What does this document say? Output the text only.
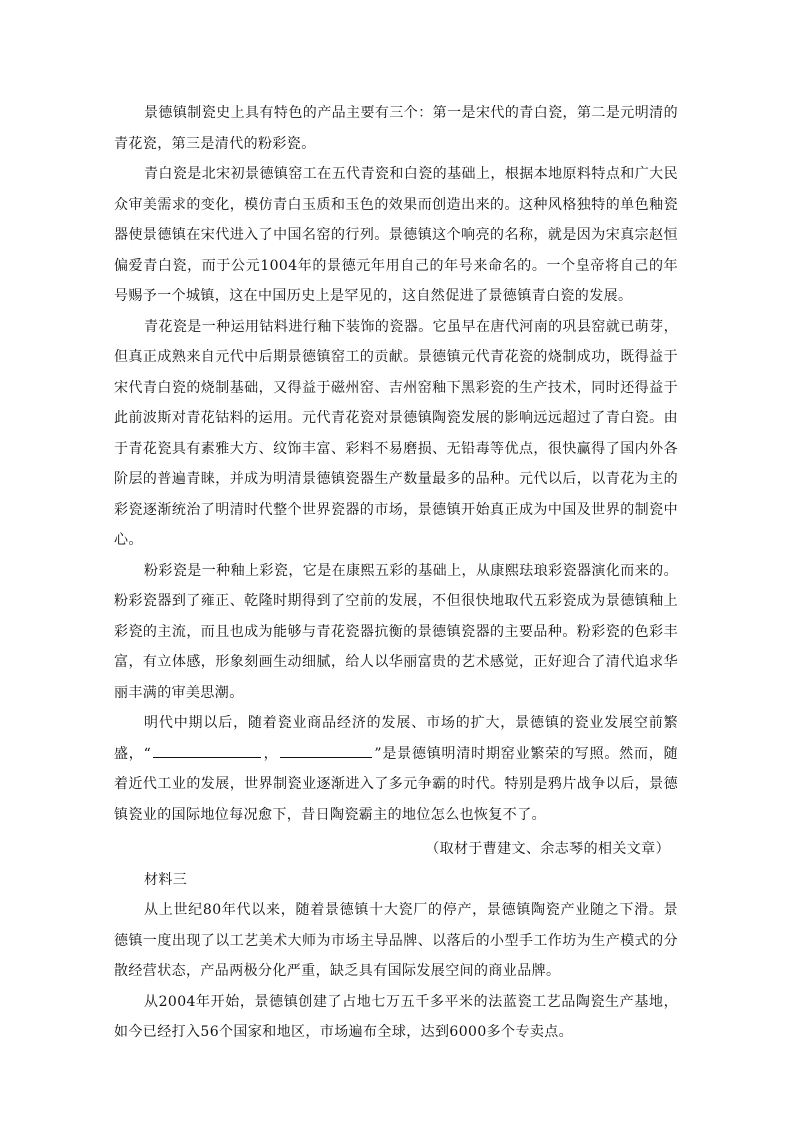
景德镇制瓷史上具有特色的产品主要有三个：第一是宋代的青白瓷，第二是元明清的青花瓷，第三是清代的粉彩瓷。

青白瓷是北宋初景德镇窑工在五代青瓷和白瓷的基础上，根据本地原料特点和广大民众审美需求的变化，模仿青白玉质和玉色的效果而创造出来的。这种风格独特的单色釉瓷器使景德镇在宋代进入了中国名窑的行列。景德镇这个响亮的名称，就是因为宋真宗赵恒偏爱青白瓷，而于公元1004年的景德元年用自己的年号来命名的。一个皇帝将自己的年号赐予一个城镇，这在中国历史上是罕见的，这自然促进了景德镇青白瓷的发展。

青花瓷是一种运用钴料进行釉下装饰的瓷器。它虽早在唐代河南的巩县窑就已萌芽，但真正成熟来自元代中后期景德镇窑工的贡献。景德镇元代青花瓷的烧制成功，既得益于宋代青白瓷的烧制基础，又得益于磁州窑、吉州窑釉下黑彩瓷的生产技术，同时还得益于此前波斯对青花钴料的运用。元代青花瓷对景德镇陶瓷发展的影响远远超过了青白瓷。由于青花瓷具有素雅大方、纹饰丰富、彩料不易磨损、无铅毒等优点，很快赢得了国内外各阶层的普遍青睐，并成为明清景德镇瓷器生产数量最多的品种。元代以后，以青花为主的彩瓷逐渐统治了明清时代整个世界瓷器的市场，景德镇开始真正成为中国及世界的制瓷中心。

粉彩瓷是一种釉上彩瓷，它是在康熙五彩的基础上，从康熙珐琅彩瓷器演化而来的。粉彩瓷器到了雍正、乾隆时期得到了空前的发展，不但很快地取代五彩瓷成为景德镇釉上彩瓷的主流，而且也成为能够与青花瓷器抗衡的景德镇瓷器的主要品种。粉彩瓷的色彩丰富，有立体感，形象刻画生动细腻，给人以华丽富贵的艺术感觉，正好迎合了清代追求华丽丰满的审美思潮。

明代中期以后，随着瓷业商品经济的发展、市场的扩大，景德镇的瓷业发展空前繁盛，“	，	”是景德镇明清时期窑业繁荣的写照。然而，随着近代工业的发展，世界制瓷业逐渐进入了多元争霸的时代。特别是鸦片战争以后，景德镇瓷业的国际地位每况愈下，昔日陶瓷霸主的地位怎么也恢复不了。

（取材于曹建文、余志琴的相关文章）

材料三

从上世纪80年代以来，随着景德镇十大瓷厂的停产，景德镇陶瓷产业随之下滑。景德镇一度出现了以工艺美术大师为市场主导品牌、以落后的小型手工作坊为生产模式的分散经营状态，产品两极分化严重，缺乏具有国际发展空间的商业品牌。

从2004年开始，景德镇创建了占地七万五千多平米的法蓝瓷工艺品陶瓷生产基地，如今已经打入56个国家和地区，市场遍布全球，达到6000多个专卖点。
